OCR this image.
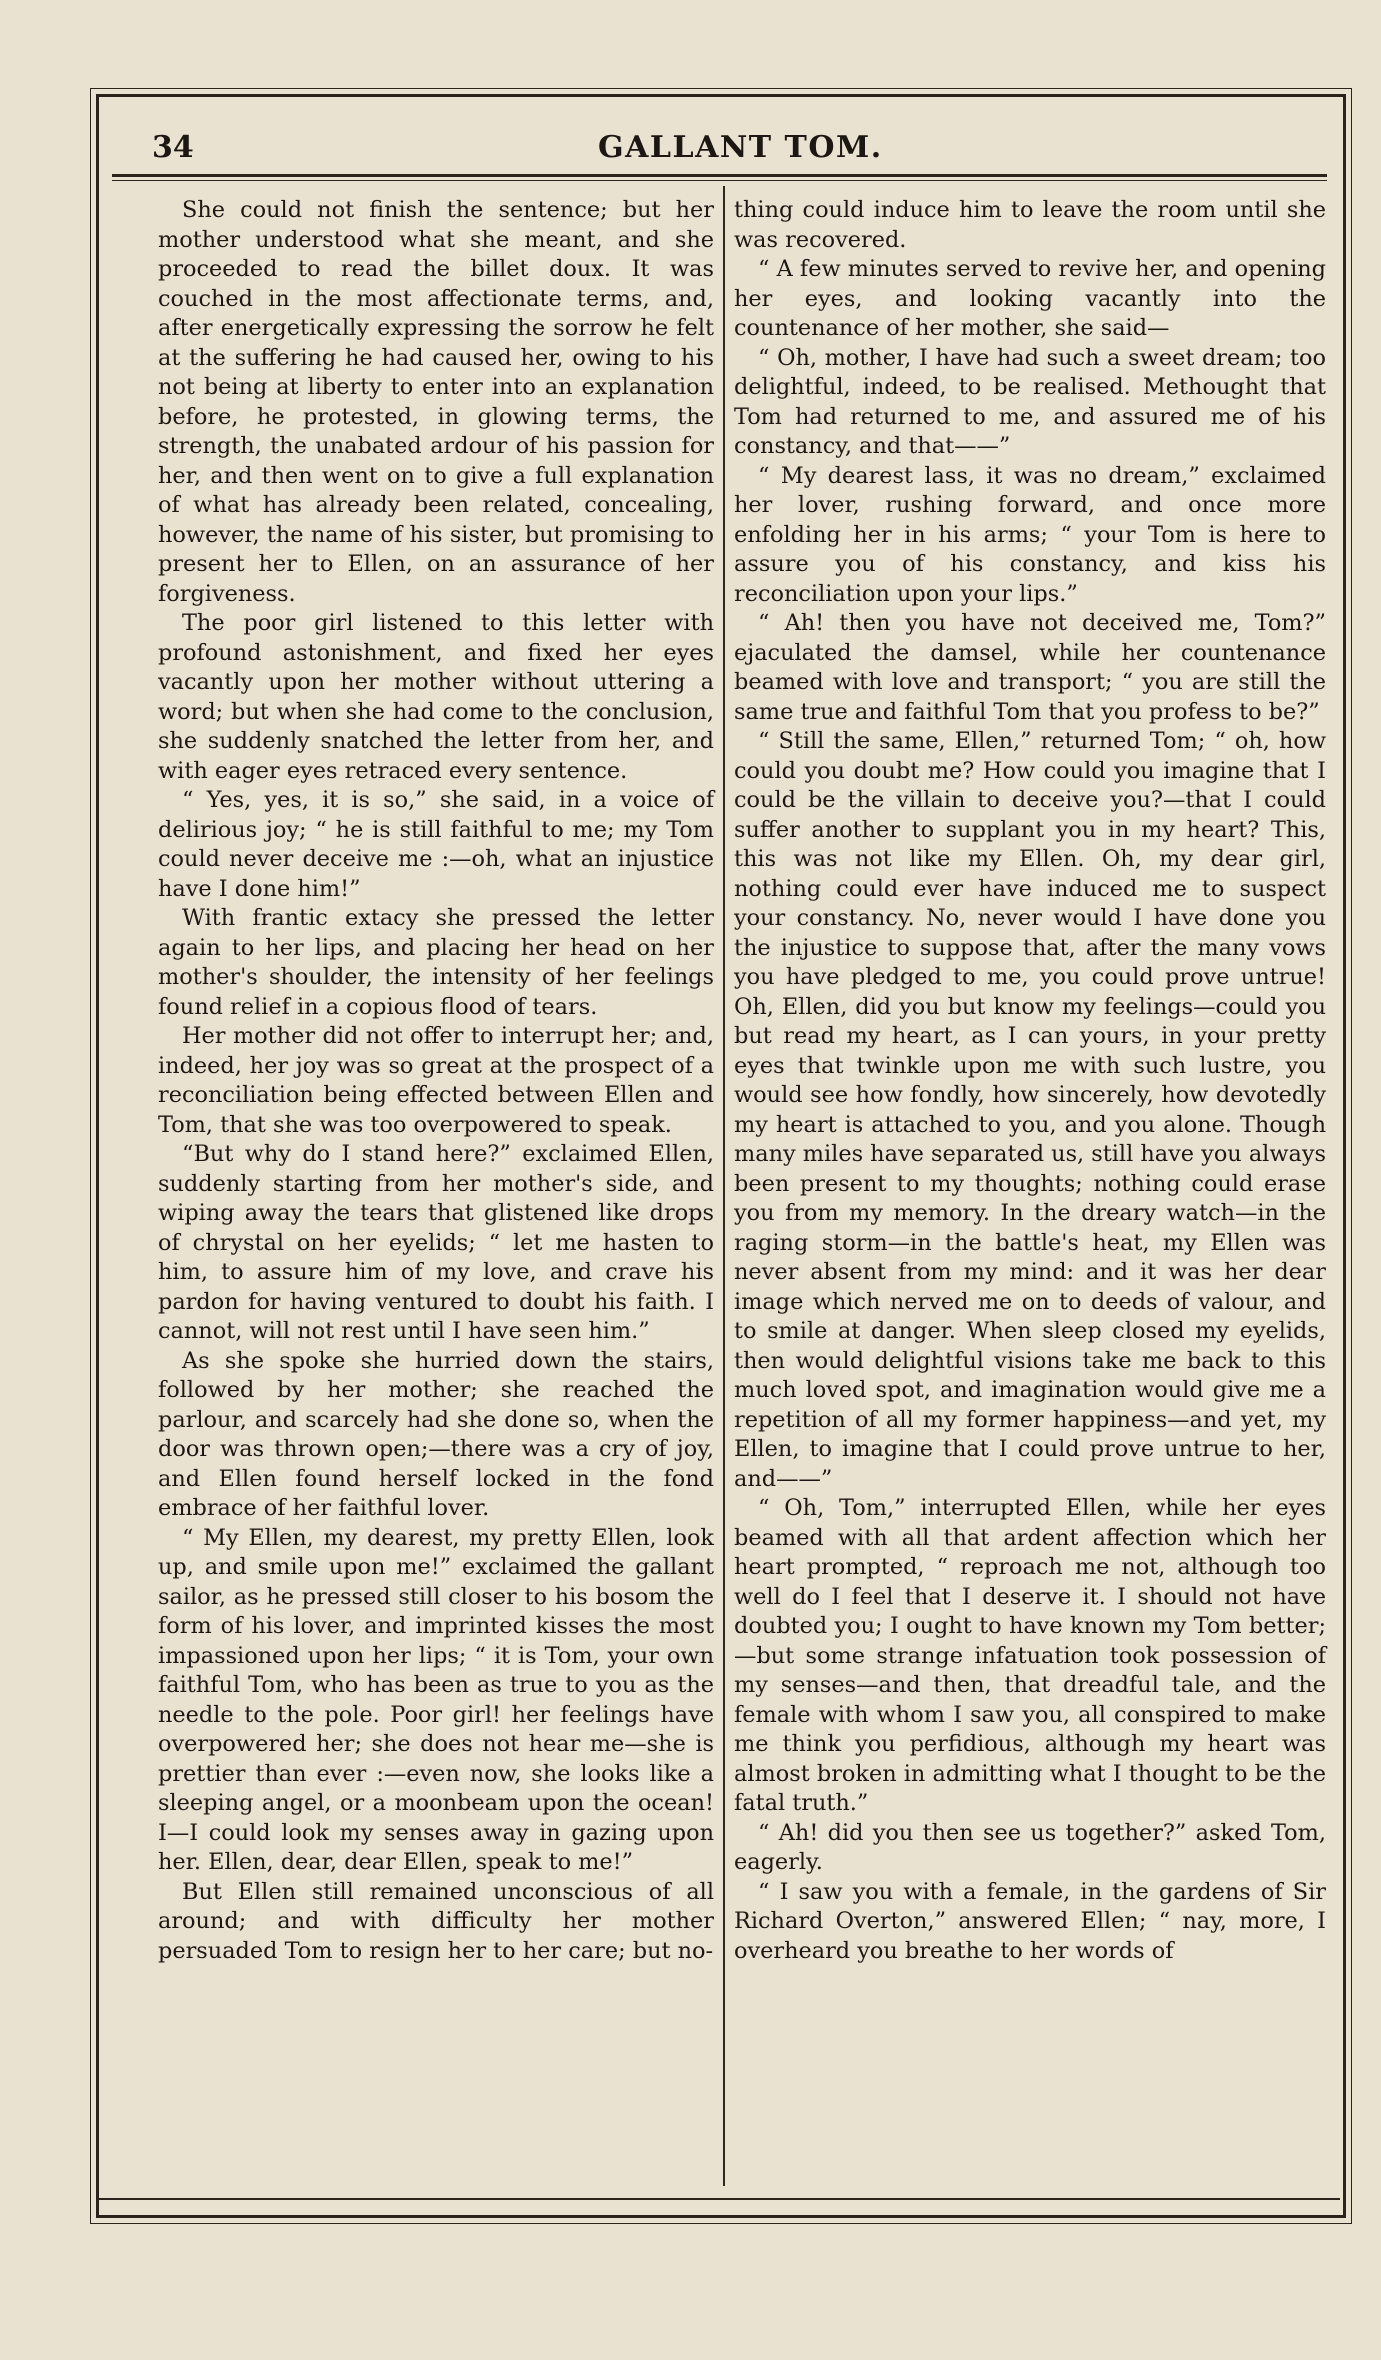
34	GALLANT TOM.

She could not finish the sentence; but her mother understood what she meant, and she proceeded to read the billet doux. It was couched in the most affectionate terms, and, after energetically expressing the sorrow he felt at the suffering he had caused her, owing to his not being at liberty to enter into an explanation before, he protested, in glowing terms, the strength, the unabated ardour of his passion for her, and then went on to give a full explanation of what has already been related, concealing, however, the name of his sister, but promising to present her to Ellen, on an assurance of her forgiveness.

The poor girl listened to this letter with profound astonishment, and fixed her eyes vacantly upon her mother without uttering a word; but when she had come to the conclusion, she suddenly snatched the letter from her, and with eager eyes retraced every sentence.

“ Yes, yes, it is so,” she said, in a voice of delirious joy; “ he is still faithful to me; my Tom could never deceive me :—oh, what an injustice have I done him!”

With frantic extacy she pressed the letter again to her lips, and placing her head on her mother's shoulder, the intensity of her feelings found relief in a copious flood of tears.

Her mother did not offer to interrupt her; and, indeed, her joy was so great at the prospect of a reconciliation being effected between Ellen and Tom, that she was too overpowered to speak.

“But why do I stand here?” exclaimed Ellen, suddenly starting from her mother's side, and wiping away the tears that glistened like drops of chrystal on her eyelids; “ let me hasten to him, to assure him of my love, and crave his pardon for having ventured to doubt his faith. I cannot, will not rest until I have seen him.”

As she spoke she hurried down the stairs, followed by her mother; she reached the parlour, and scarcely had she done so, when the door was thrown open;—there was a cry of joy, and Ellen found herself locked in the fond embrace of her faithful lover.

“ My Ellen, my dearest, my pretty Ellen, look up, and smile upon me!” exclaimed the gallant sailor, as he pressed still closer to his bosom the form of his lover, and imprinted kisses the most impassioned upon her lips; “ it is Tom, your own faithful Tom, who has been as true to you as the needle to the pole. Poor girl! her feelings have overpowered her; she does not hear me—she is prettier than ever :—even now, she looks like a sleeping angel, or a moonbeam upon the ocean! I—I could look my senses away in gazing upon her. Ellen, dear, dear Ellen, speak to me!”

But Ellen still remained unconscious of all around; and with difficulty her mother persuaded Tom to resign her to her care; but no-

thing could induce him to leave the room until she was recovered.

“ A few minutes served to revive her, and opening her eyes, and looking vacantly into the countenance of her mother, she said—

“ Oh, mother, I have had such a sweet dream; too delightful, indeed, to be realised. Methought that Tom had returned to me, and assured me of his constancy, and that——”

“ My dearest lass, it was no dream,” exclaimed her lover, rushing forward, and once more enfolding her in his arms; “ your Tom is here to assure you of his constancy, and kiss his reconciliation upon your lips.”

“ Ah! then you have not deceived me, Tom?” ejaculated the damsel, while her countenance beamed with love and transport; “ you are still the same true and faithful Tom that you profess to be?”

“ Still the same, Ellen,” returned Tom; “ oh, how could you doubt me? How could you imagine that I could be the villain to deceive you?—that I could suffer another to supplant you in my heart? This, this was not like my Ellen. Oh, my dear girl, nothing could ever have induced me to suspect your constancy. No, never would I have done you the injustice to suppose that, after the many vows you have pledged to me, you could prove untrue! Oh, Ellen, did you but know my feelings—could you but read my heart, as I can yours, in your pretty eyes that twinkle upon me with such lustre, you would see how fondly, how sincerely, how devotedly my heart is attached to you, and you alone. Though many miles have separated us, still have you always been present to my thoughts; nothing could erase you from my memory. In the dreary watch—in the raging storm—in the battle's heat, my Ellen was never absent from my mind: and it was her dear image which nerved me on to deeds of valour, and to smile at danger. When sleep closed my eyelids, then would delightful visions take me back to this much loved spot, and imagination would give me a repetition of all my former happiness—and yet, my Ellen, to imagine that I could prove untrue to her, and——”

“ Oh, Tom,” interrupted Ellen, while her eyes beamed with all that ardent affection which her heart prompted, “ reproach me not, although too well do I feel that I deserve it. I should not have doubted you; I ought to have known my Tom better;—but some strange infatuation took possession of my senses—and then, that dreadful tale, and the female with whom I saw you, all conspired to make me think you perfidious, although my heart was almost broken in admitting what I thought to be the fatal truth.”

“ Ah! did you then see us together?” asked Tom, eagerly.

“ I saw you with a female, in the gardens of Sir Richard Overton,” answered Ellen; “ nay, more, I overheard you breathe to her words of
